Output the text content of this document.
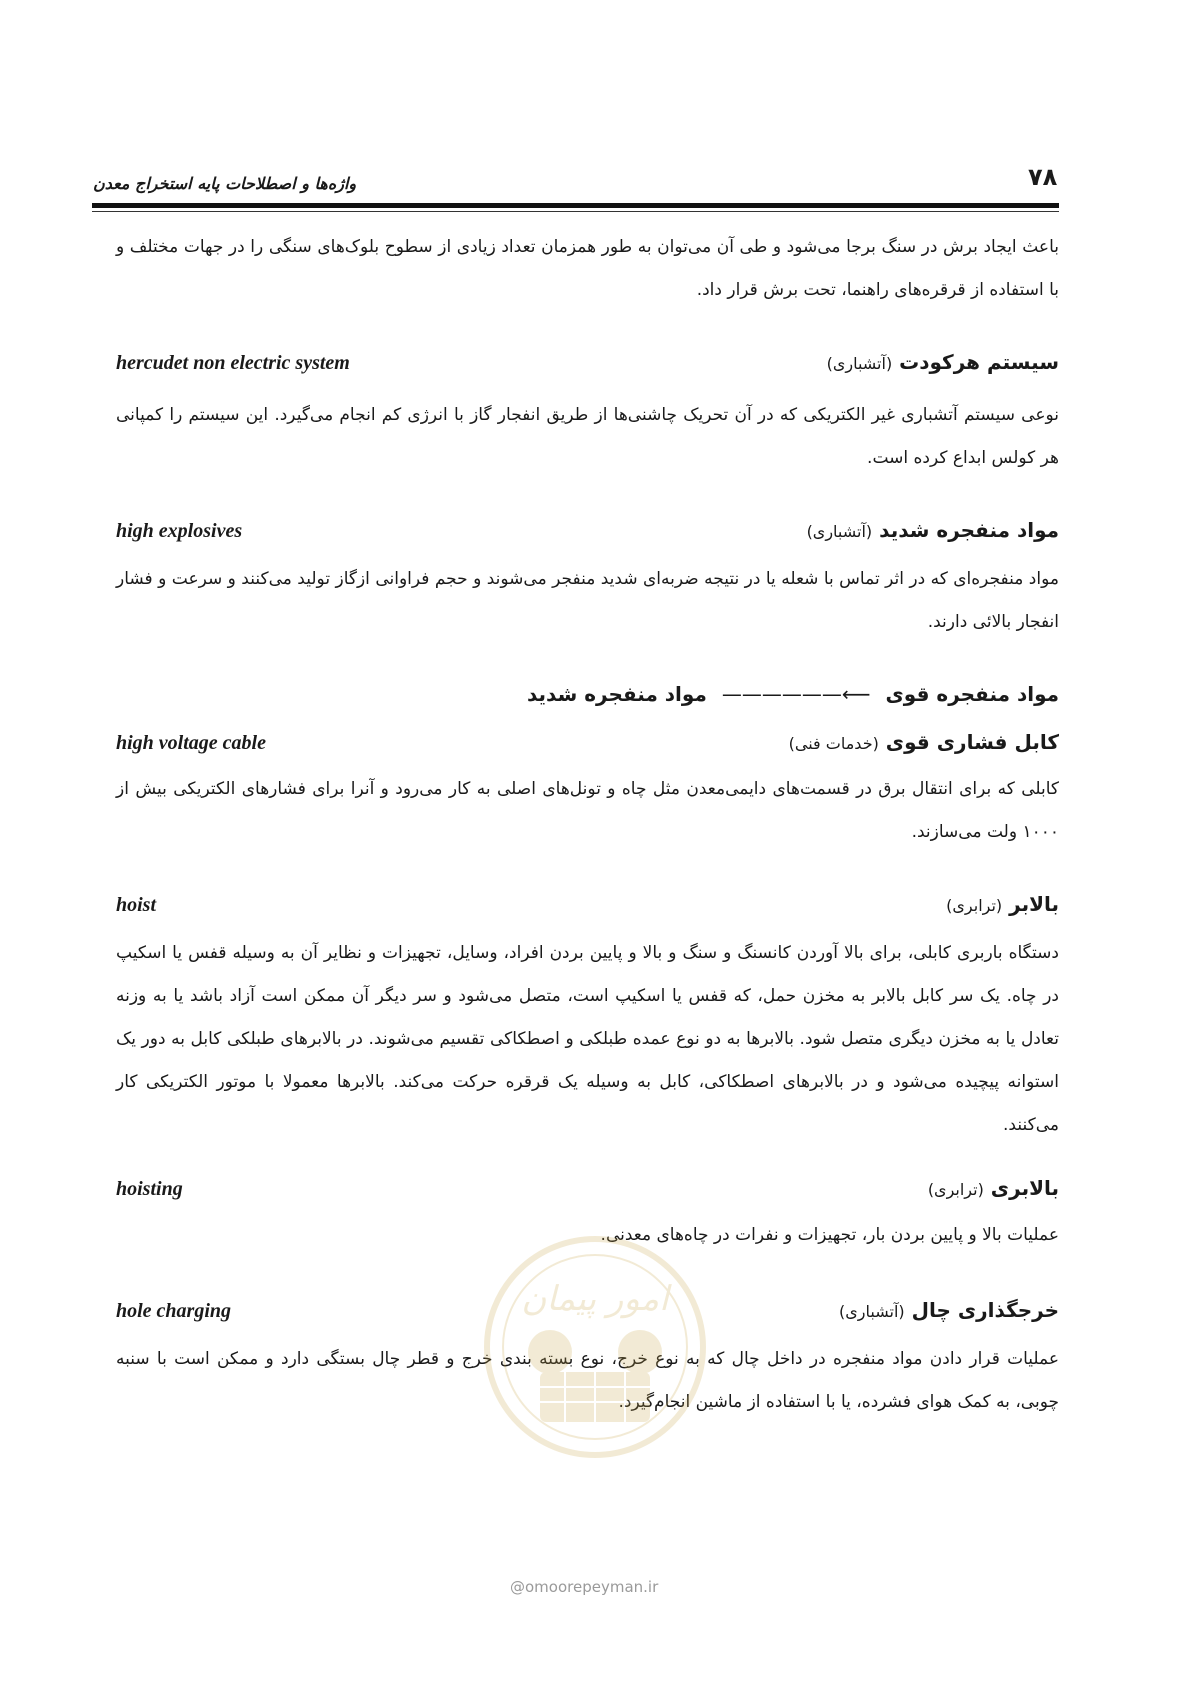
۷۸
واژه‌ها و اصطلاحات پایه استخراج معدن
باعث ایجاد برش در سنگ برجا می‌شود و طی آن می‌توان به طور همزمان تعداد زیادی از سطوح بلوک‌های سنگی را در جهات مختلف و با استفاده از قرقره‌های راهنما، تحت برش قرار داد.
سیستم هرکودت (آتشباری)
hercudet non electric system
نوعی سیستم آتشباری غیر الکتریکی که در آن تحریک چاشنی‌ها از طریق انفجار گاز با انرژی کم انجام می‌گیرد. این سیستم را کمپانی هر کولس ابداع کرده است.
مواد منفجره شدید (آتشباری)
high explosives
مواد منفجره‌ای که در اثر تماس با شعله یا در نتیجه ضربه‌ای شدید منفجر می‌شوند و حجم فراوانی ازگاز تولید می‌کنند و سرعت و فشار انفجار بالائی دارند.
مواد منفجره قوی ⟵—————— مواد منفجره شدید
کابل فشاری قوی (خدمات فنی)
high voltage cable
کابلی که برای انتقال برق در قسمت‌های دایمی‌معدن مثل چاه و تونل‌های اصلی به کار می‌رود و آنرا برای فشارهای الکتریکی بیش از ۱۰۰۰ ولت می‌سازند.
بالابر (ترابری)
hoist
دستگاه باربری کابلی، برای بالا آوردن کانسنگ و سنگ و بالا و پایین بردن افراد، وسایل، تجهیزات و نظایر آن به وسیله قفس یا اسکیپ در چاه. یک سر کابل بالابر به مخزن حمل، که قفس یا اسکیپ است، متصل می‌شود و سر دیگر آن ممکن است آزاد باشد یا به وزنه تعادل یا به مخزن دیگری متصل شود. بالابرها به دو نوع عمده طبلکی و اصطکاکی تقسیم می‌شوند. در بالابرهای طبلکی کابل به دور یک استوانه پیچیده می‌شود و در بالابرهای اصطکاکی، کابل به وسیله یک قرقره حرکت می‌کند. بالابرها معمولا با موتور الکتریکی کار می‌کنند.
بالابری (ترابری)
hoisting
عملیات بالا و پایین بردن بار، تجهیزات و نفرات در چاه‌های معدنی.
خرجگذاری چال (آتشباری)
hole charging
عملیات قرار دادن مواد منفجره در داخل چال که به نوع خرج، نوع بسته بندی خرج و قطر چال بستگی دارد و ممکن است با سنبه چوبی، به کمک هوای فشرده، یا با استفاده از ماشین انجام‌گیرد.
امور پیمان
@omoorepeyman.ir
